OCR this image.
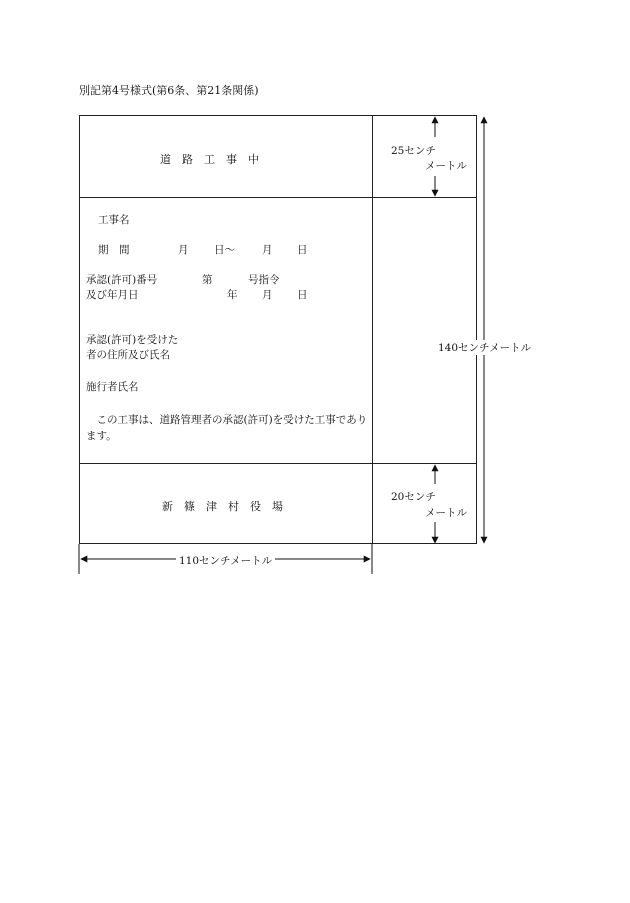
別記第4号様式(第6条、第21条関係)
道　路　工　事　中
工事名
期　間	月 日〜	月 日
承認(許可)番号	第	号指令
及び年月日	年 月 日
承認(許可)を受けた
者の住所及び氏名
施行者氏名
　この工事は、道路管理者の承認(許可)を受けた工事であります。
新　篠　津　村　役　場
25センチ
メートル
140センチメートル
20センチ
メートル
110センチメートル
